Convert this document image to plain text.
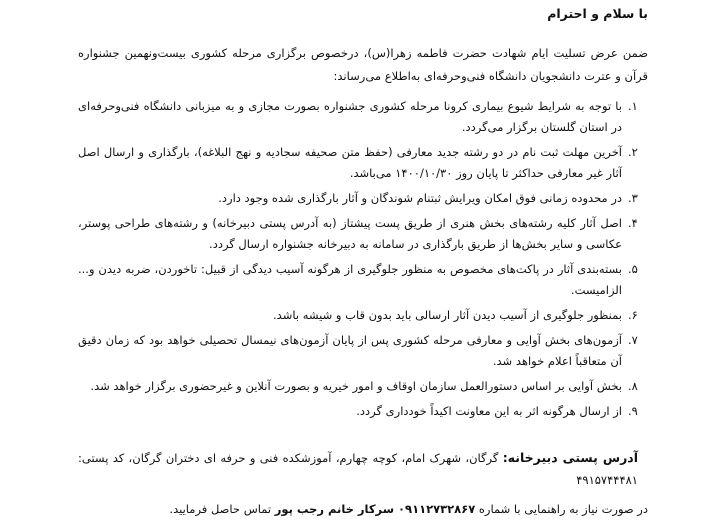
با سلام و احترام
ضمن عرض تسلیت ایام شهادت حضرت فاطمه زهرا(س)، درخصوص برگزاری مرحله کشوری بیست‌ونهمین جشنواره قرآن و عترت دانشجویان دانشگاه فنی‌وحرفه‌ای به‌اطلاع می‌رساند:
۱.
با توجه به شرایط شیوع بیماری کرونا مرحله کشوری جشنواره بصورت مجازی و به میزبانی دانشگاه فنی‌وحرفه‌ای در استان گلستان برگزار می‌گردد.
۲.
آخرین مهلت ثبت نام در دو رشته جدید معارفی (حفظ متن صحیفه سجادیه و نهج البلاغه)، بارگذاری و ارسال اصل آثار غیر معارفی حداکثر تا پایان روز ۱۴۰۰/۱۰/۳۰ می‌باشد.
۳.
در محدوده زمانی فوق امکان ویرایش ثبتنام شوندگان و آثار بارگذاری شده وجود دارد.
۴.
اصل آثار کلیه رشته‌های بخش هنری از طریق پست پیشتاز (به آدرس پستی دبیرخانه) و رشته‌های طراحی پوستر، عکاسی و سایر بخش‌ها از طریق بارگذاری در سامانه به دبیرخانه جشنواره ارسال گردد.
۵.
بسته‌بندی آثار در پاکت‌های مخصوص به منظور جلوگیری از هرگونه آسیب دیدگی از قبیل: تاخوردن، ضربه دیدن و... الزامیست.
۶.
بمنظور جلوگیری از آسیب دیدن آثار ارسالی باید بدون قاب و شیشه باشد.
۷.
آزمون‌های بخش آوایی و معارفی مرحله کشوری پس از پایان آزمون‌های نیمسال تحصیلی خواهد بود که زمان دقیق آن متعاقباً اعلام خواهد شد.
۸.
بخش آوایی بر اساس دستورالعمل سازمان اوقاف و امور خیریه و بصورت آنلاین و غیرحضوری برگزار خواهد شد.
۹.
از ارسال هرگونه اثر به این معاونت اکیداً خودداری گردد.
آدرس پستی دبیرخانه: گرگان، شهرک امام، کوچه چهارم، آموزشکده فنی و حرفه ای دختران گرگان، کد پستی: ۴۹۱۵۷۴۴۴۸۱
در صورت نیاز به راهنمایی با شماره ۰۹۱۱۲۷۳۲۸۶۷ سرکار خانم رجب پور تماس حاصل فرمایید.
